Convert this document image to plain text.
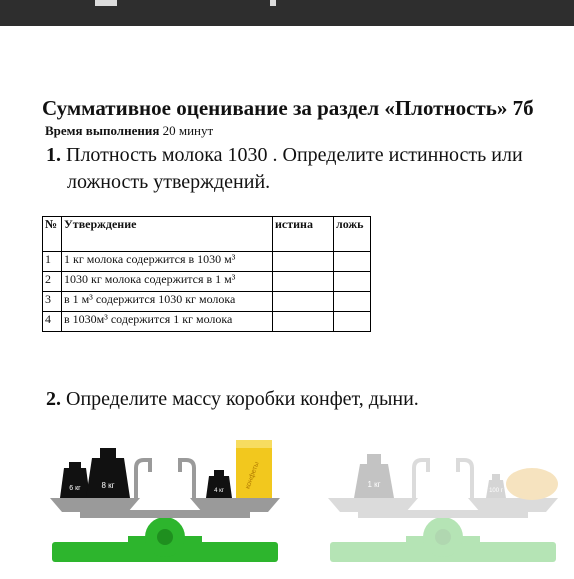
Суммативное оценивание за раздел «Плотность» 7б
Время выполнения 20 минут
1. Плотность молока 1030 . Определите истинность или
ложность утверждений.
№	Утверждение	истина	ложь
1	1 кг молока содержится в 1030 м³		
2	1030 кг молока содержится в 1 м³		
3	в 1 м³ содержится 1030 кг молока		
4	в 1030м³ содержится 1 кг молока		
2. Определите массу коробки конфет, дыни.
6 кг	8 кг
4 кг
конфеты	1 кг
100 г
